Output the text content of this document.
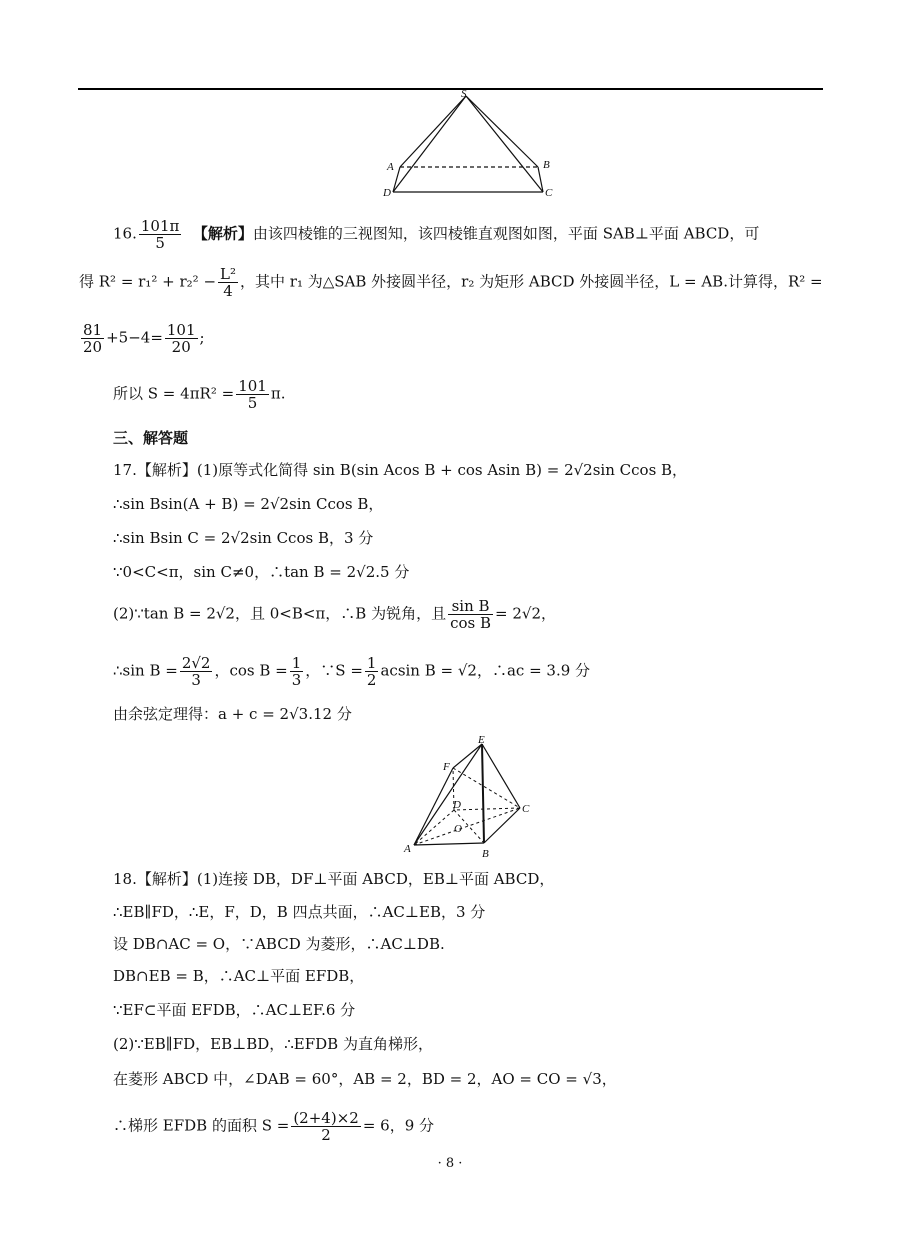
S
A	B
C
D
16. $\frac{101\pi}{5}$ 【解析】由该四棱锥的三视图知，该四棱锥直观图如图，平面 SAB⊥平面 ABCD，可
得 $R^2 = r_1^2 + r_2^2 - \frac{\text{L²}}{4}$ ，其中 r₁ 为△SAB 外接圆半径，r₂ 为矩形 ABCD 外接圆半径，L = AB.计算得，R² =
$\frac{81}{20} +5-4= \frac{101}{20}$ ;
所以 $S = 4\pi R^2 = \frac{101}{5} \pi$.
三、解答题
17.【解析】(1)原等式化简得 sin B(sin Acos B + cos Asin B) = 2√2sin Ccos B，
∴sin Bsin(A + B) = 2√2sin Ccos B，
∴sin Bsin C = 2√2sin Ccos B，3 分
∵0<C<π，sin C≠0，∴tan B = 2√2.5 分
(2)∵tan B = 2√2，且 0<B<π，∴B 为锐角，且 $\frac{\text{sin B}}{\text{cos B}} = 2√2$，
∴sin $B = \frac{2√2}{3}$ ，$\cos B = \frac{1}{3}$ ，∵S = $\frac{1}{2}$ acsin B = √2，∴ac = 3.9 分
由余弦定理得：a + c = 2√3.12 分
E
F
D	C
O
A	B
18.【解析】(1)连接 DB，DF⊥平面 ABCD，EB⊥平面 ABCD，
∴EB∥FD，∴E，F，D，B 四点共面，∴AC⊥EB，3 分
设 DB∩AC = O，∵ABCD 为菱形，∴AC⊥DB.
DB∩EB = B，∴AC⊥平面 EFDB，
∵EF⊂平面 EFDB，∴AC⊥EF.6 分
(2)∵EB∥FD，EB⊥BD，∴EFDB 为直角梯形，
在菱形 ABCD 中，∠DAB = 60°，AB = 2，BD = 2，AO = CO = √3，
∴梯形 EFDB 的面积 $S = \frac{(2+4)\times 2}{2} = 6$，9 分
· 8 ·
